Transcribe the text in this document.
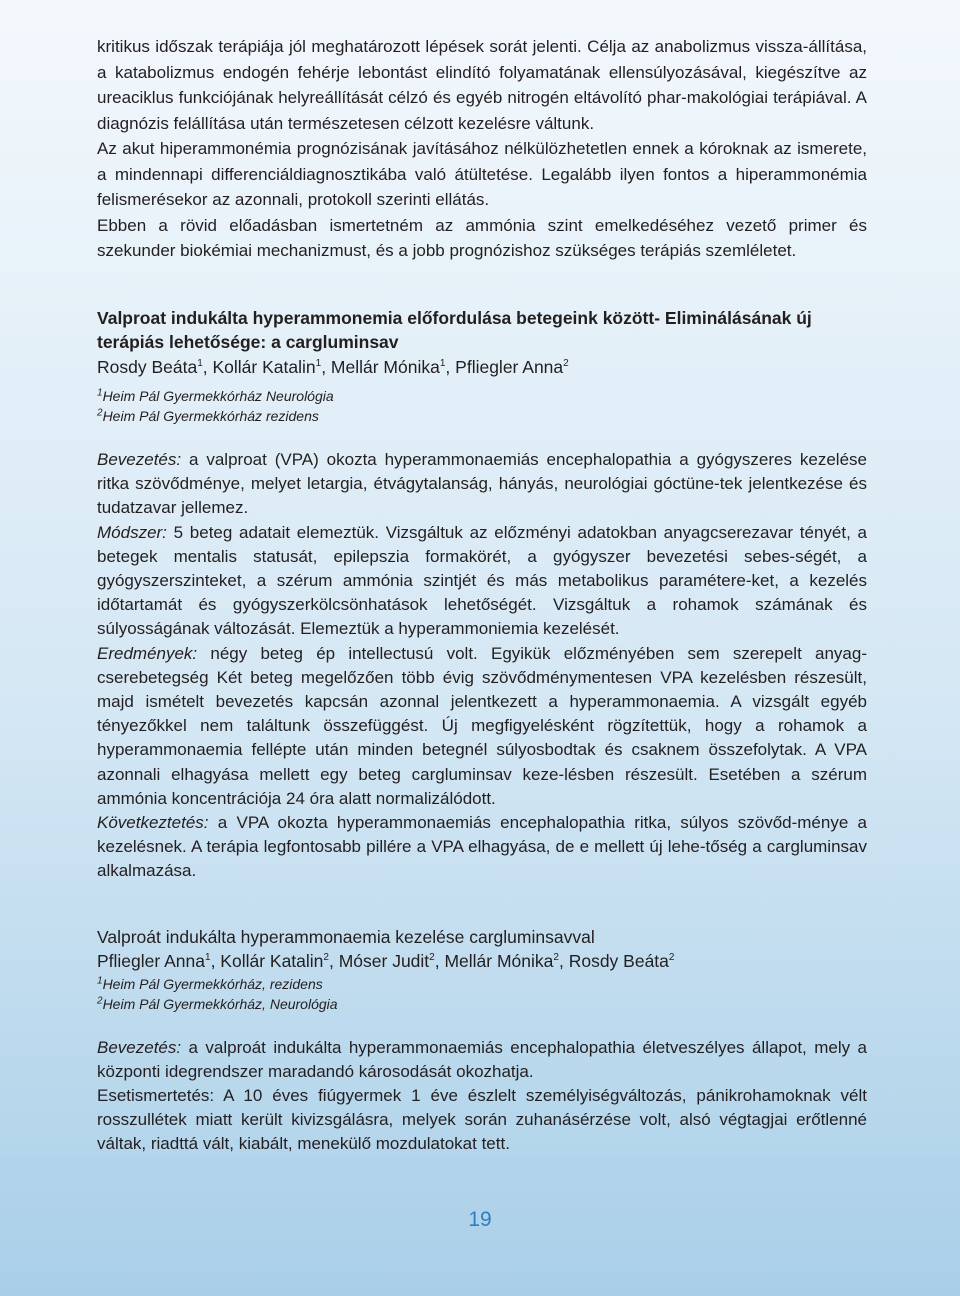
kritikus időszak terápiája jól meghatározott lépések sorát jelenti. Célja az anabolizmus vissza-állítása, a katabolizmus endogén fehérje lebontást elindító folyamatának ellensúlyozásával, kiegészítve az ureaciklus funkciójának helyreállítását célzó és egyéb nitrogén eltávolító phar-makológiai terápiával. A diagnózis felállítása után természetesen célzott kezelésre váltunk.

Az akut hiperammonémia prognózisának javításához nélkülözhetetlen ennek a kóroknak az ismerete, a mindennapi differenciáldiagnosztikába való átültetése. Legalább ilyen fontos a hiperammonémia felismerésekor az azonnali, protokoll szerinti ellátás.

Ebben a rövid előadásban ismertetném az ammónia szint emelkedéséhez vezető primer és szekunder biokémiai mechanizmust, és a jobb prognózishoz szükséges terápiás szemléletet.

Valproat indukálta hyperammonemia előfordulása betegeink között- Eliminálásának új terápiás lehetősége: a cargluminsav
Rosdy Beáta$^1$, Kollár Katalin$^1$, Mellár Mónika$^1$, Pfliegler Anna$^2$
$^1$Heim Pál Gyermekkórház Neurológia
$^2$Heim Pál Gyermekkórház rezidens

Bevezetés: a valproat (VPA) okozta hyperammonaemiás encephalopathia a gyógyszeres kezelése ritka szövődménye, melyet letargia, étvágytalanság, hányás, neurológiai góctüne-tek jelentkezése és tudatzavar jellemez.

Módszer: 5 beteg adatait elemeztük. Vizsgáltuk az előzményi adatokban anyagcserezavar tényét, a betegek mentalis statusát, epilepszia formakörét, a gyógyszer bevezetési sebes-ségét, a gyógyszerszinteket, a szérum ammónia szintjét és más metabolikus paramétere-ket, a kezelés időtartamát és gyógyszerkölcsönhatások lehetőségét. Vizsgáltuk a rohamok számának és súlyosságának változását. Elemeztük a hyperammoniemia kezelését.

Eredmények: négy beteg ép intellectusú volt. Egyikük előzményében sem szerepelt anyag-cserebetegség Két beteg megelőzően több évig szövődménymentesen VPA kezelésben részesült, majd ismételt bevezetés kapcsán azonnal jelentkezett a hyperammonaemia. A vizsgált egyéb tényezőkkel nem találtunk összefüggést. Új megfigyelésként rögzítettük, hogy a rohamok a hyperammonaemia fellépte után minden betegnél súlyosbodtak és csaknem összefolytak. A VPA azonnali elhagyása mellett egy beteg cargluminsav keze-lésben részesült. Esetében a szérum ammónia koncentrációja 24 óra alatt normalizálódott.

Következtetés: a VPA okozta hyperammonaemiás encephalopathia ritka, súlyos szövőd-ménye a kezelésnek. A terápia legfontosabb pillére a VPA elhagyása, de e mellett új lehe-tőség a cargluminsav alkalmazása.

Valproát indukálta hyperammonaemia kezelése cargluminsavval
Pfliegler Anna$^1$, Kollár Katalin$^2$, Móser Judit$^2$, Mellár Mónika$^2$, Rosdy Beáta$^2$
$^1$Heim Pál Gyermekkórház, rezidens
$^2$Heim Pál Gyermekkórház, Neurológia

Bevezetés: a valproát indukálta hyperammonaemiás encephalopathia életveszélyes állapot, mely a központi idegrendszer maradandó károsodását okozhatja.

Esetismertetés: A 10 éves fiúgyermek 1 éve észlelt személyiségváltozás, pánikrohamoknak vélt rosszullétek miatt került kivizsgálásra, melyek során zuhanásérzése volt, alsó végtagjai erőtlenné váltak, riadttá vált, kiabált, menekülő mozdulatokat tett.

19
